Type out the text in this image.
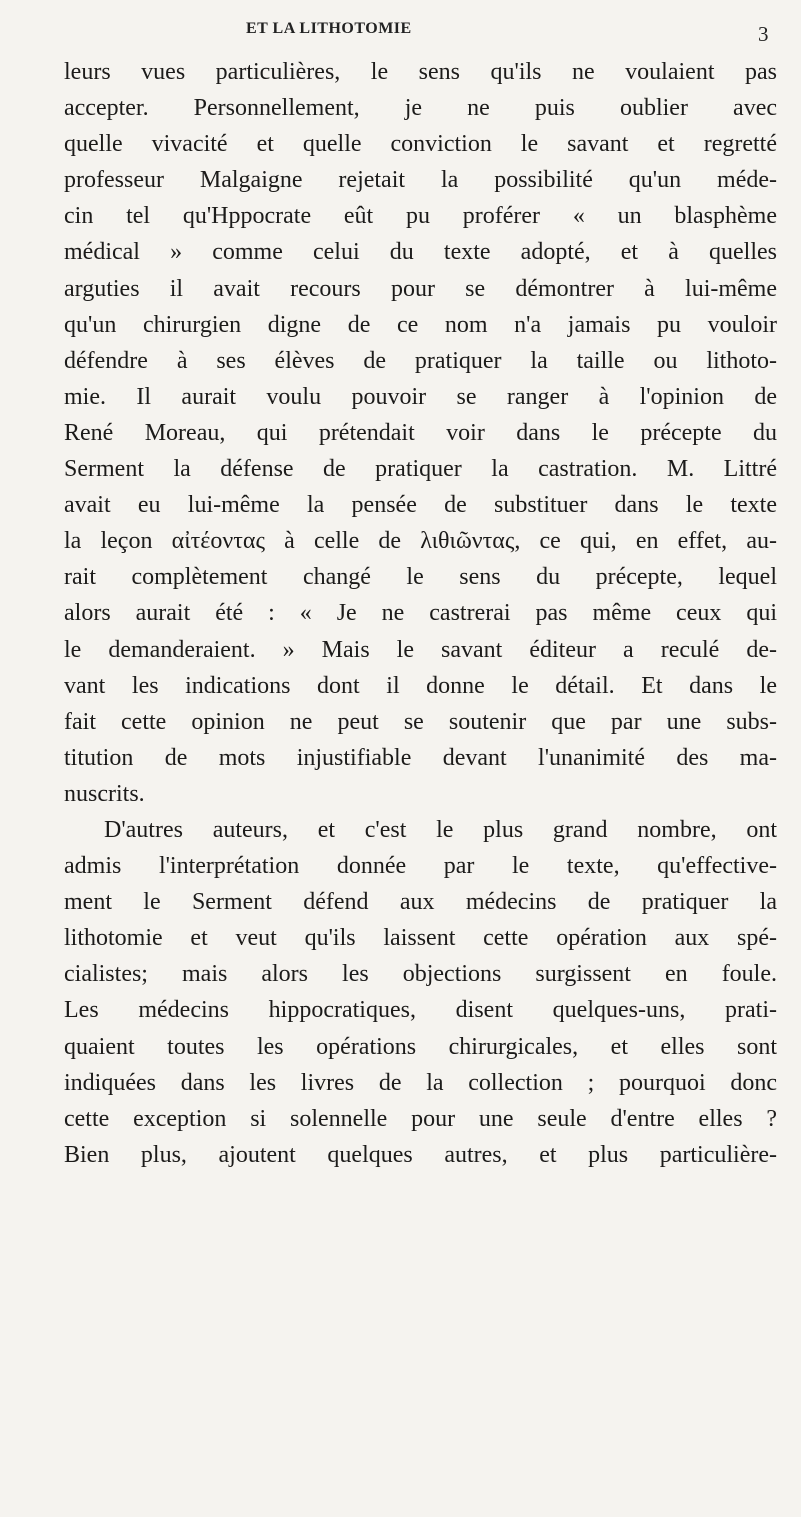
ET LA LITHOTOMIE	3
leurs vues particulières, le sens qu'ils ne voulaient pas
accepter. Personnellement, je ne puis oublier avec
quelle vivacité et quelle conviction le savant et regretté
professeur Malgaigne rejetait la possibilité qu'un méde-
cin tel qu'Hppocrate eût pu proférer « un blasphème
médical » comme celui du texte adopté, et à quelles
arguties il avait recours pour se démontrer à lui-même
qu'un chirurgien digne de ce nom n'a jamais pu vouloir
défendre à ses élèves de pratiquer la taille ou lithoto-
mie. Il aurait voulu pouvoir se ranger à l'opinion de
René Moreau, qui prétendait voir dans le précepte du
Serment la défense de pratiquer la castration. M. Littré
avait eu lui-même la pensée de substituer dans le texte
la leçon αἰτέοντας à celle de λιθιῶντας, ce qui, en effet, au-
rait complètement changé le sens du précepte, lequel
alors aurait été : « Je ne castrerai pas même ceux qui
le demanderaient. » Mais le savant éditeur a reculé de-
vant les indications dont il donne le détail. Et dans le
fait cette opinion ne peut se soutenir que par une subs-
titution de mots injustifiable devant l'unanimité des ma-
nuscrits.
D'autres auteurs, et c'est le plus grand nombre, ont
admis l'interprétation donnée par le texte, qu'effective-
ment le Serment défend aux médecins de pratiquer la
lithotomie et veut qu'ils laissent cette opération aux spé-
cialistes; mais alors les objections surgissent en foule.
Les médecins hippocratiques, disent quelques-uns, prati-
quaient toutes les opérations chirurgicales, et elles sont
indiquées dans les livres de la collection ; pourquoi donc
cette exception si solennelle pour une seule d'entre elles ?
Bien plus, ajoutent quelques autres, et plus particulière-
